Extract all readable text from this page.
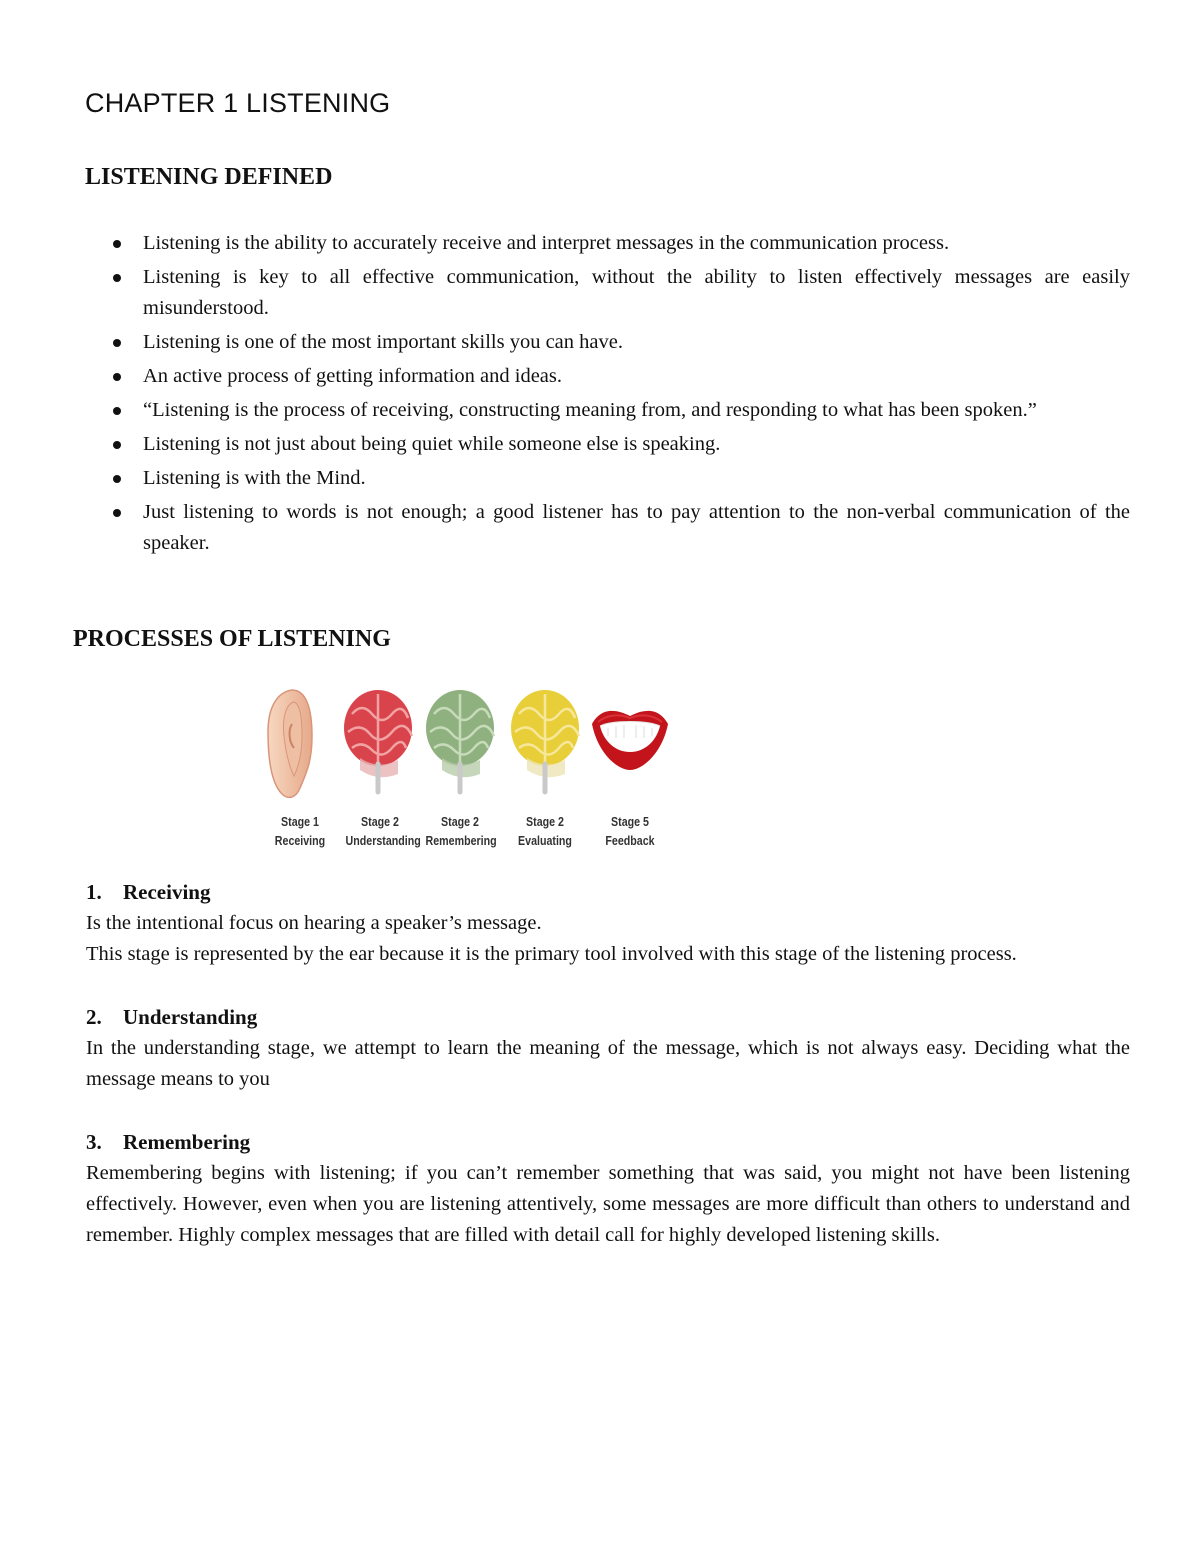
CHAPTER 1 LISTENING
LISTENING DEFINED
Listening is the ability to accurately receive and interpret messages in the communication process.
Listening is key to all effective communication, without the ability to listen effectively messages are easily misunderstood.
Listening is one of the most important skills you can have.
An active process of getting information and ideas.
“Listening is the process of receiving, constructing meaning from, and responding to what has been spoken.”
Listening is not just about being quiet while someone else is speaking.
Listening is with the Mind.
Just listening to words is not enough; a good listener has to pay attention to the non-verbal communication of the speaker.
PROCESSES OF LISTENING
Stage 1
Receiving
Stage 2
Understanding
Stage 2
Remembering
Stage 2
Evaluating
Stage 5
Feedback
1. Receiving

Is the intentional focus on hearing a speaker’s message.

This stage is represented by the ear because it is the primary tool involved with this stage of the listening process.

2. Understanding

In the understanding stage, we attempt to learn the meaning of the message, which is not always easy. Deciding what the message means to you

3. Remembering

Remembering begins with listening; if you can’t remember something that was said, you might not have been listening effectively. However, even when you are listening attentively, some messages are more difficult than others to understand and remember. Highly complex messages that are filled with detail call for highly developed listening skills.
